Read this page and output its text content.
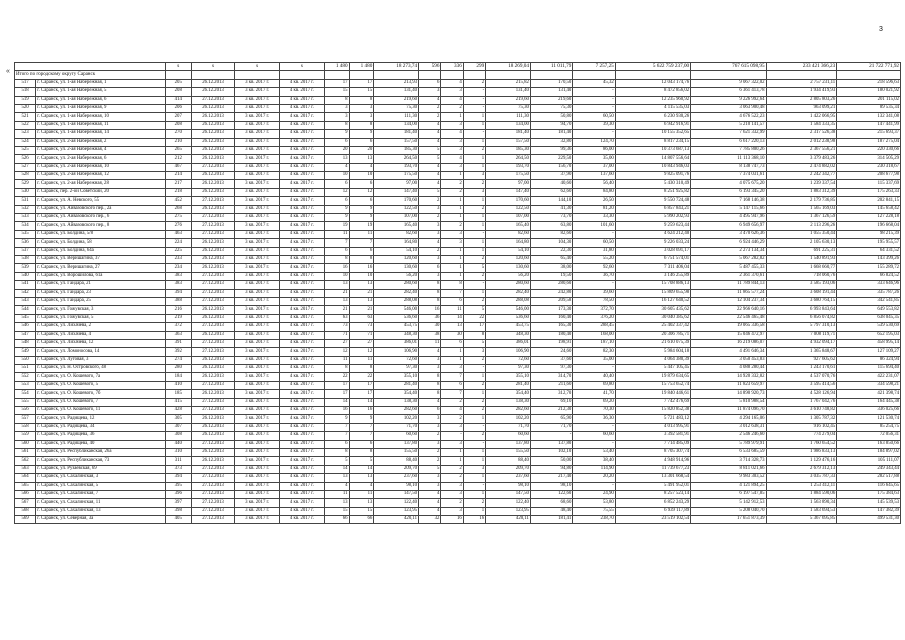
3
«
		s	s	s	s	1 480	1 480	18 273,74	596	336	299	18 269,04	11 011,79	7 257,25	5 622 759 237,00	767 615 098,95	233 421 366,23	21 722 771,92
Итого по городскому округу Саранск																		
517	г. Саранск, ул. 1-ая Набережная, 1	205	26.12.2013	3 кв. 2017 г.	4 кв. 2017 г.	17	17	213,93	6	4	2	215,82	170,50	45,32	12 043 174,76	9 067 322,02	2 757 231,11	218 596,63
518	г. Саранск, ул. 1-ая Набережная, 5	208	26.12.2013	3 кв. 2017 г.	4 кв. 2017 г.	15	15	131,40	3	3	-	131,40	131,40	-	8 472 856,02	6 361 413,78	1 934 419,93	180 021,92
519	г. Саранск, ул. 1-ая Набережная, 6	414	27.12.2013	3 кв. 2017 г.	4 кв. 2017 г.	8	8	219,60	4	4	-	219,60	219,60	-	12 235 960,92	9 226 992,64	2 805 803,26	201 115,02
520	г. Саранск, ул. 1-ая Набережная, 9	206	26.12.2013	3 кв. 2017 г.	4 кв. 2017 г.	3	3	75,30	2	2	-	75,30	75,30	-	4 115 535,03	3 063 900,48	963 099,21	89 535,34
521	г. Саранск, ул. 1-ая Набережная, 10	207	26.12.2013	3 кв. 2017 г.	4 кв. 2017 г.	3	3	111,30	2	1	1	111,30	50,80	60,50	6 230 930,26	4 676 522,23	1 422 066,95	132 341,08
522	г. Саранск, ул. 1-ая Набережная, 11	208	26.12.2013	3 кв. 2017 г.	4 кв. 2017 г.	8	8	134,00	4	3	1	134,00	94,70	39,30	6 942 916,91	5 210 141,57	1 584 333,35	147 441,99
523	г. Саранск, ул. 1-ая Набережная, 14	270	26.12.2013	3 кв. 2017 г.	4 кв. 2017 г.	9	9	181,40	4	4	-	181,40	181,40	-	10 155 352,65	7 621 332,99	2 317 526,38	215 693,37
524	г. Саранск, ул. 2-ая Набережная, 2	210	26.12.2013	3 кв. 2017 г.	4 кв. 2017 г.	6	6	157,50	4	3	1	157,50	32,80	124,70	8 817 234,15	6 617 220,13	2 012 238,98	187 275,04
525	г. Саранск, ул. 2-ая Набережная, 4	265	26.12.2013	3 кв. 2017 г.	4 кв. 2017 г.	20	20	185,30	5	3	2	185,30	99,36	86,00	10 373 687,13	7 785 800,26	2 367 556,21	220 330,66
526	г. Саранск, ул. 2-ая Набережная, 6	212	26.12.2013	3 кв. 2017 г.	4 кв. 2017 г.	13	13	264,50	5	4	1	264,50	229,50	35,00	14 807 556,64	11 113 368,10	3 379 483,26	314 505,29
527	г. Саранск, ул. 2-ая Набережная, 10	467	27.12.2013	3 кв. 2017 г.	4 кв. 2017 г.	4	4	193,70	4	3	1	193,70	156,70	37,00	10 843 946,03	8 138 747,73	2 474 882,02	230 318,67
528	г. Саранск, ул. 2-ая Набережная, 12	214	26.12.2013	3 кв. 2017 г.	4 кв. 2017 г.	10	10	175,50	4	1	3	175,50	37,90	137,60	9 825 091,76	7 374 031,61	2 242 342,77	208 677,98
529	г. Саранск, ул. 2-ая Набережная, 28	217	26.12.2013	3 кв. 2017 г.	4 кв. 2017 г.	6	6	97,00	4	2	2	97,00	40,60	56,40	5 430 310,49	4 075 675,20	1 239 337,54	115 337,69
530	г. Саранск, пер. 2-ой Советский, 20	218	26.12.2013	3 кв. 2017 г.	4 кв. 2017 г.	12	12	147,40	5	2	3	147,40	62,60	84,80	8 251 925,82	6 193 345,20	1 883 312,39	175 263,33
531	г. Саранск, ул. А. Невского, 55	452	27.12.2013	3 кв. 2017 г.	4 кв. 2017 г.	6	6	170,60	2	1	1	170,60	144,10	26,50	9 550 724,48	7 168 146,38	2 179 736,85	202 841,15
532	г. Саранск, ул. Айвазовского пер., 2а	268	26.12.2013	3 кв. 2017 г.	4 кв. 2017 г.	9	9	122,50	3	1	2	122,50	41,30	81,20	6 857 843,21	5 147 115,66	1 565 169,03	145 658,42
533	г. Саранск, ул. Айвазовского пер., 6	275	27.12.2013	3 кв. 2017 г.	4 кв. 2017 г.	9	9	107,00	2	1	1	107,00	73,70	33,30	5 990 202,93	4 495 947,96	1 367 126,59	127 228,18
534	г. Саранск, ул. Айвазовского пер., 8	276	27.12.2013	3 кв. 2017 г.	4 кв. 2017 г.	19	19	165,40	3	2	1	165,40	63,80	101,60	9 259 623,44	6 949 656,97	2 113 296,26	196 668,04
535	г. Саранск, ул. Болдина, 5/8	463	27.12.2013	3 кв. 2017 г.	4 кв. 2017 г.	11	11	82,60	3	3	-	82,60	82,60	-	4 624 212,40	3 470 626,36	1 055 350,44	98 215,39
536	г. Саранск, ул. Болдина, 58	224	26.12.2013	3 кв. 2017 г.	4 кв. 2017 г.	7	7	164,80	4	3	1	164,80	104,30	60,50	9 226 033,24	6 924 446,29	2 105 630,13	195 955,57
537	г. Саранск, ул. Болдина, 64а	225	26.12.2013	3 кв. 2017 г.	4 кв. 2017 г.	6	6	54,10	2	1	1	54,10	22,30	31,80	3 028 691,17	2 273 134,34	691 225,31	64 331,52
538	г. Саранск, ул. Веришагина, 37	233	26.12.2013	3 кв. 2017 г.	4 кв. 2017 г.	8	8	120,60	3	1	2	120,60	65,40	55,20	6 751 574,01	5 067 282,82	1 540 891,93	143 399,26
539	г. Саранск, ул. Веришагина, 27	234	26.12.2013	3 кв. 2017 г.	4 кв. 2017 г.	16	16	130,60	6	1	5	130,60	38,00	92,60	7 311 406,04	5 487 455,33	1 668 660,77	155 289,72
540	г. Саранск, ул. Ворошилова, 61а	383	27.12.2013	3 кв. 2017 г.	4 кв. 2017 г.	10	10	56,20	3	1	2	56,20	19,50	36,70	3 146 255,89	2 361 370,61	718 060,76	66 824,52
541	г. Саранск, ул. Гайдара, 21	383	27.12.2013	3 кв. 2017 г.	4 кв. 2017 г.	13	13	280,60	8	8	-	280,60	280,60	-	15 708 886,13	11 789 844,13	3 585 193,06	333 646,96
542	г. Саранск, ул. Гайдара, 23	394	27.12.2013	3 кв. 2017 г.	4 кв. 2017 г.	21	21	282,40	8	7	1	282,40	242,80	39,60	15 809 655,98	11 865 577,24	3 608 191,44	335 787,26
543	г. Саранск, ул. Гайдара, 25	388	27.12.2013	3 кв. 2017 г.	4 кв. 2017 г.	13	13	288,08	8	6	2	288,08	209,58	78,50	16 127 640,52	12 104 237,34	3 680 764,15	342 541,85
544	г. Саранск, ул. Гожувская, 3	216	26.12.2013	3 кв. 2017 г.	4 кв. 2017 г.	21	21	546,00	16	11	5	546,00	173,30	372,70	30 605 435,62	22 966 640,16	6 993 843,64	649 553,82
545	г. Саранск, ул. Гожувская, 5	219	26.12.2013	3 кв. 2017 г.	4 кв. 2017 г.	63	63	536,60	36	14	22	536,60	160,40	376,20	30 040 385,62	22 546 465,48	6 856 074,82	638 045,35
546	г. Саранск, ул. Лихачева, 2	372	27.12.2013	3 кв. 2017 г.	4 кв. 2017 г.	73	73	453,75	30	13	17	453,75	165,30	288,45	25 402 337,42	19 065 336,58	5 797 310,13	539 530,69
547	г. Саранск, ул. Лихачева, 4	363	26.12.2013	3 кв. 2017 г.	4 кв. 2017 г.	71	71	348,30	38	30	8	348,30	180,40	168,00	20 306 785,71	15 046 472,97	7 008 119,71	652 195,03
548	г. Саранск, ул. Лихачева, 12	391	27.12.2013	3 кв. 2017 г.	4 кв. 2017 г.	27	27	386,01	11	6	5	386,01	198,91	187,10	21 610 075,39	16 219 086,07	4 932 094,17	458 995,14
549	г. Саранск, ул. Ломоносова, 14	392	27.12.2013	3 кв. 2017 г.	4 кв. 2017 г.	12	12	106,90	4	1	3	106,90	24,60	82,30	5 984 604,18	4 491 646,34	1 365 848,67	127 109,27
550	г. Саранск, ул. Луговая, 3	274	26.12.2013	3 кв. 2017 г.	4 кв. 2017 г.	11	11	72,60	3	1	2	72,60	37,60	35,00	4 064 380,39	3 050 453,83	927 605,62	86 324,94
551	г. Саранск, ул. Н. Островского, 48	280	26.12.2013	3 кв. 2017 г.	4 кв. 2017 г.	8	8	97,30	3	3	-	97,30	97,30	-	5 447 105,45	4 088 280,44	1 243 170,61	115 694,40
552	г. Саранск, ул. О. Кошевого, 7а	184	26.12.2013	3 кв. 2017 г.	4 кв. 2017 г.	22	22	355,10	8	7	1	355,10	314,70	40,40	19 879 634,65	14 920 332,82	4 537 070,76	422 231,07
553	г. Саранск, ул. О. Кошевого, 5	410	27.12.2013	3 кв. 2017 г.	4 кв. 2017 г.	17	17	281,40	8	6	2	281,40	211,60	69,80	15 753 652,74	11 823 659,97	3 595 414,56	334 598,21
554	г. Саранск, ул. О. Кошевого, 7б	185	26.12.2013	3 кв. 2017 г.	4 кв. 2017 г.	17	17	354,40	8	7	1	354,40	312,70	41,70	19 840 446,61	14 890 920,73	4 528 126,94	421 398,74
555	г. Саранск, ул. О. Кошевого, 7	415	27.12.2013	3 кв. 2017 г.	4 кв. 2017 г.	14	14	138,30	4	2	2	138,30	69,10	69,20	7 742 476,69	5 810 988,54	1 767 042,76	164 445,38
556	г. Саранск, ул. О. Кошевого, 11	428	27.12.2013	3 кв. 2017 г.	4 кв. 2017 г.	16	16	282,60	6	4	2	282,60	212,30	70,30	15 820 852,38	11 874 096,70	3 610 748,82	336 025,66
557	г. Саранск, ул. Радищева, 12	305	26.12.2013	3 кв. 2017 г.	4 кв. 2017 г.	9	9	102,20	3	2	1	102,20	65,90	36,30	5 721 483,12	4 294 165,06	1 305 787,32	121 530,74
558	г. Саранск, ул. Радищева, 34	307	26.12.2013	3 кв. 2017 г.	4 кв. 2017 г.	7	7	71,70	3	3	-	71,70	71,70	-	4 013 995,91	3 012 638,31	916 102,45	85 254,75
559	г. Саранск, ул. Радищева, 36	308	26.12.2013	3 кв. 2017 г.	4 кв. 2017 г.	7	7	60,60	2	-	2	60,60	-	60,60	3 392 581,91	2 546 246,60	774 279,04	72 056,31
560	г. Саранск, ул. Радищева, 40	440	27.12.2013	3 кв. 2017 г.	4 кв. 2017 г.	6	6	137,80	3	3	-	137,80	137,80	-	7 714 485,09	5 789 979,91	1 760 654,52	163 850,66
561	г. Саранск, ул. Республиканская, 26а	310	26.12.2013	3 кв. 2017 г.	4 кв. 2017 г.	8	8	155,50	2	1	1	155,50	102,10	53,40	8 705 307,74	6 533 685,59	1 986 833,13	184 897,02
562	г. Саранск, ул. Республиканская, 73	311	26.12.2013	3 кв. 2017 г.	4 кв. 2017 г.	5	5	88,40	2	1	1	88,40	50,00	38,40	4 948 914,96	3 714 328,73	1 129 476,16	105 111,07
563	г. Саранск, ул. Рузаевская, 69	373	27.12.2013	3 кв. 2017 г.	4 кв. 2017 г.	14	14	209,70	5	2	3	209,70	94,80	114,90	11 739 677,23	8 811 021,66	2 679 312,13	249 343,44
564	г. Саранск, ул. Сахалинская, 3	394	27.12.2013	3 кв. 2017 г.	4 кв. 2017 г.	13	13	237,60	3	2	1	237,60	217,40	20,20	13 301 668,54	9 983 303,52	3 035 787,33	282 517,88
565	г. Саранск, ул. Сахалинская, 5	395	27.12.2013	3 кв. 2017 г.	4 кв. 2017 г.	4	4	98,10	3	3	-	98,10	98,10	-	5 491 952,01	4 121 894,25	1 253 412,11	116 645,65
566	г. Саранск, ул. Сахалинская, 7	396	27.12.2013	3 кв. 2017 г.	4 кв. 2017 г.	11	11	147,50	4	3	1	147,50	122,60	24,90	8 257 523,14	6 197 547,85	1 884 590,06	175 384,63
567	г. Саранск, ул. Сахалинская, 11	397	27.12.2013	3 кв. 2017 г.	4 кв. 2017 г.	13	13	122,40	4	2	2	122,40	68,60	53,80	6 852 243,29	5 142 912,53	1 563 890,34	145 539,53
568	г. Саранск, ул. Сахалинская, 13	398	27.12.2013	3 кв. 2017 г.	4 кв. 2017 г.	15	15	123,95	4	3	1	123,95	48,40	75,55	6 939 117,89	5 208 040,70	1 583 694,53	147 382,39
569	г. Саранск, ул. Северная, 3а	405	27.12.2013	3 кв. 2017 г.	4 кв. 2017 г.	66	66	420,11	32	16	16	420,11	181,41	238,70	23 519 102,54	17 651 873,39	5 367 695,85	499 531,30
